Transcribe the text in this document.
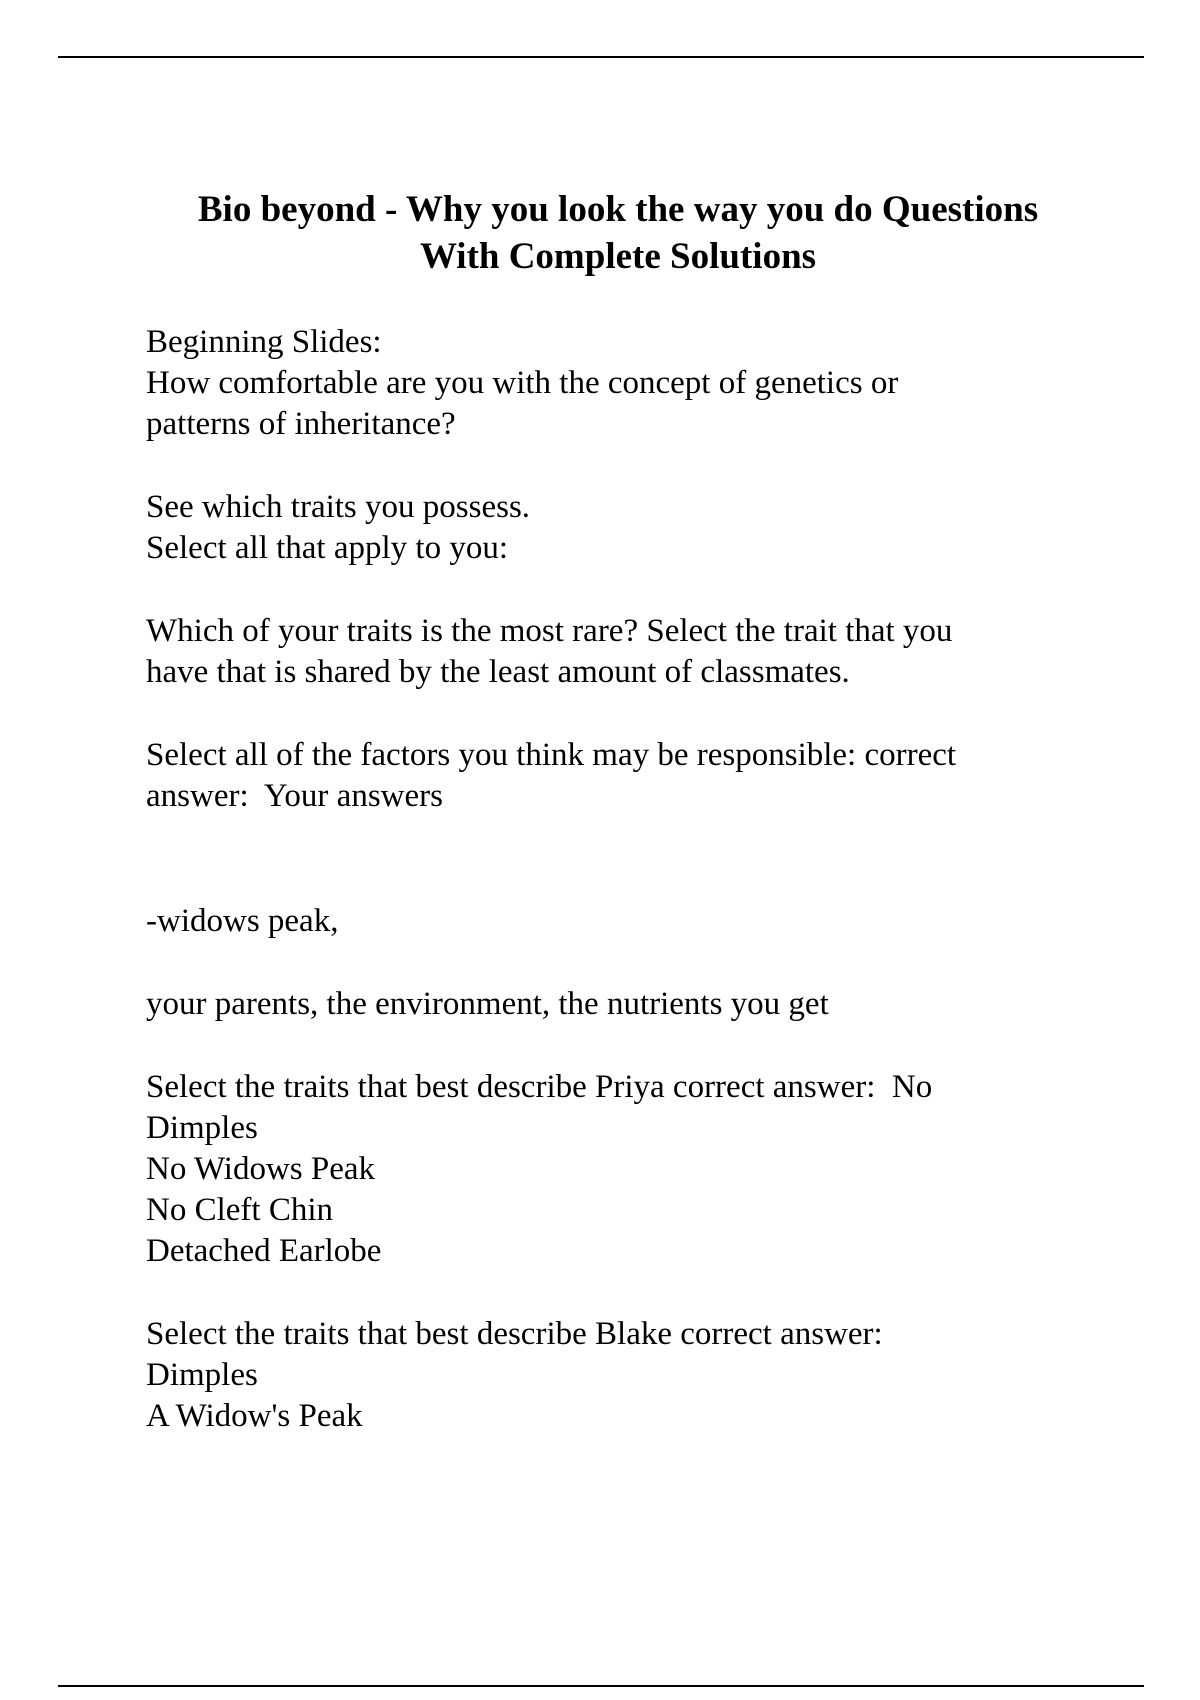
Bio beyond - Why you look the way you do Questions
With Complete Solutions
Beginning Slides:
How comfortable are you with the concept of genetics or
patterns of inheritance?
See which traits you possess.
Select all that apply to you:
Which of your traits is the most rare? Select the trait that you
have that is shared by the least amount of classmates.
Select all of the factors you think may be responsible: correct
answer:  Your answers
-widows peak,
your parents, the environment, the nutrients you get
Select the traits that best describe Priya correct answer:  No
Dimples
No Widows Peak
No Cleft Chin
Detached Earlobe
Select the traits that best describe Blake correct answer:
Dimples
A Widow's Peak
